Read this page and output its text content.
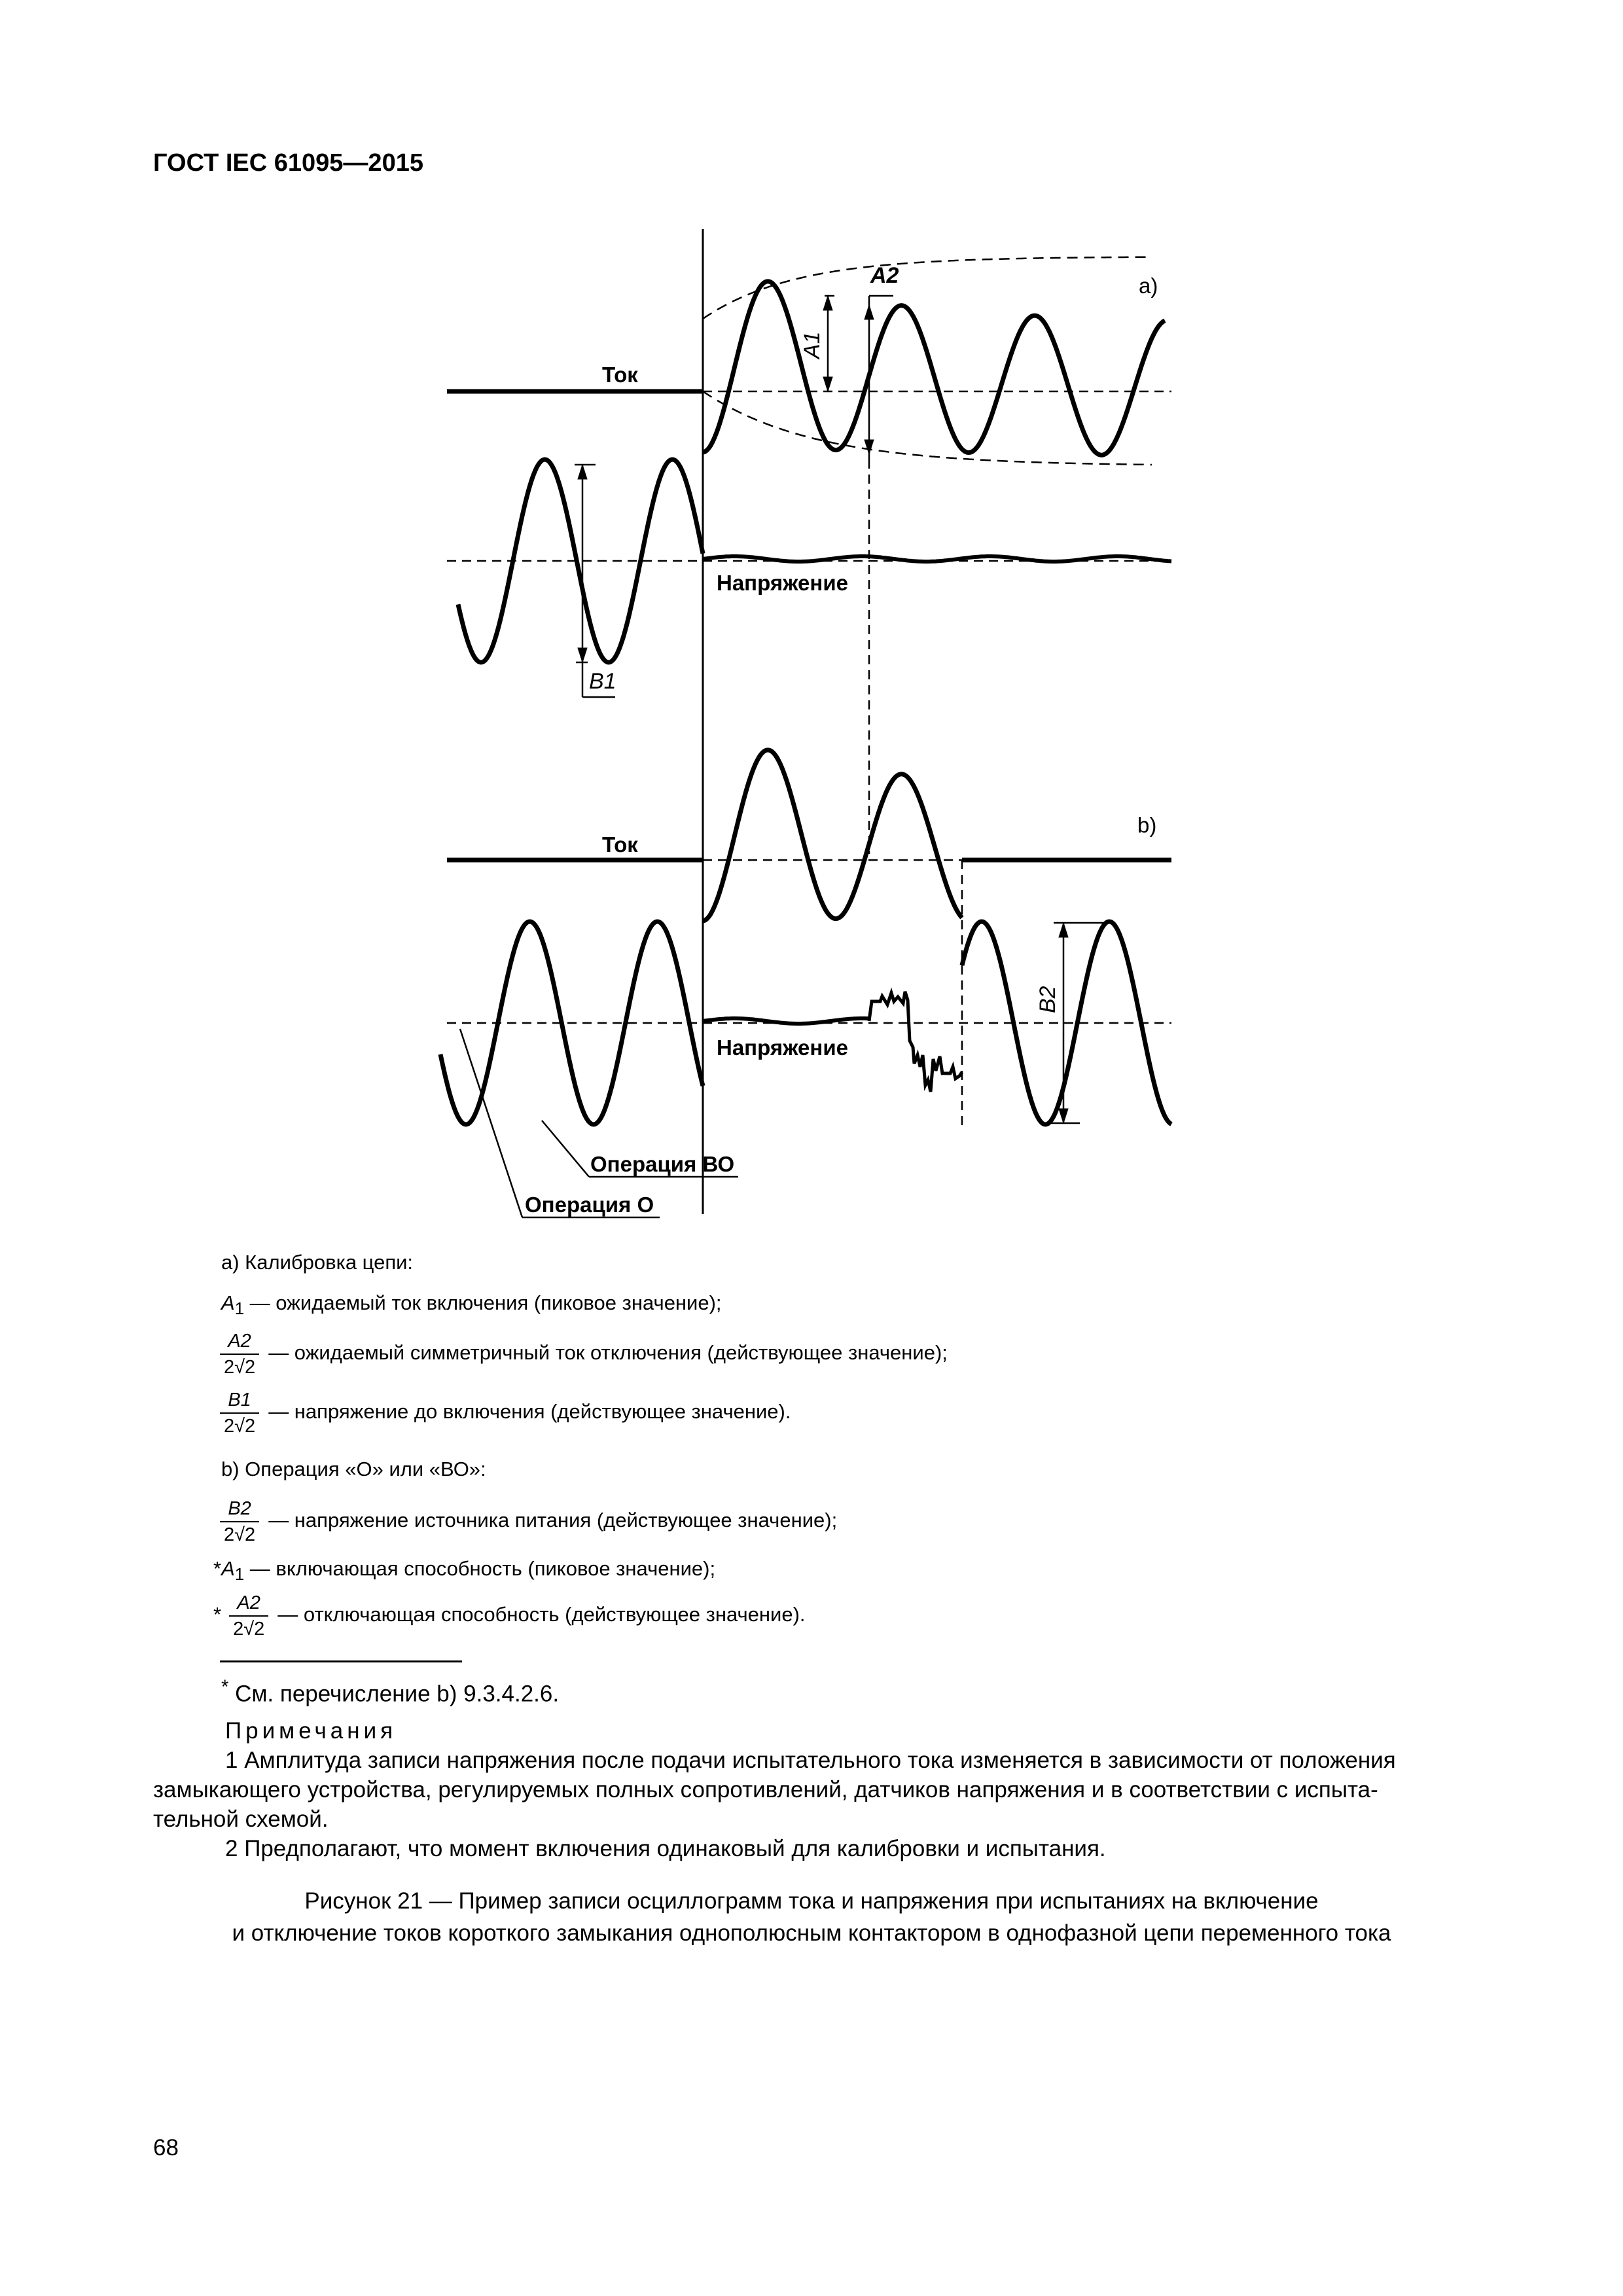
ГОСТ IEC 61095—2015
a)
Ток
Напряжение
b)
Ток
Напряжение
A1
A2
B1
B2
Операция ВО
Операция О
а) Калибровка цепи:
$A_1$ — ожидаемый ток включения (пиковое значение);
$\frac{A2}{2√2}$ — ожидаемый симметричный ток отключения (действующее значение);
$\frac{B1}{2√2}$ — напряжение до включения (действующее значение).
b) Операция «О» или «ВО»:
$\frac{B2}{2√2}$ — напряжение источника питания (действующее значение);
$*A_1$ — включающая способность (пиковое значение);
* $\frac{A2}{2√2}$ — отключающая способность (действующее значение).
* См. перечисление b) 9.3.4.2.6.
Примечания
1 Амплитуда записи напряжения после подачи испытательного тока изменяется в зависимости от положения
замыкающего устройства, регулируемых полных сопротивлений, датчиков напряжения и в соответствии с испыта-
тельной схемой.
2 Предполагают, что момент включения одинаковый для калибровки и испытания.
Рисунок 21 — Пример записи осциллограмм тока и напряжения при испытаниях на включение
и отключение токов короткого замыкания однополюсным контактором в однофазной цепи переменного тока
68
